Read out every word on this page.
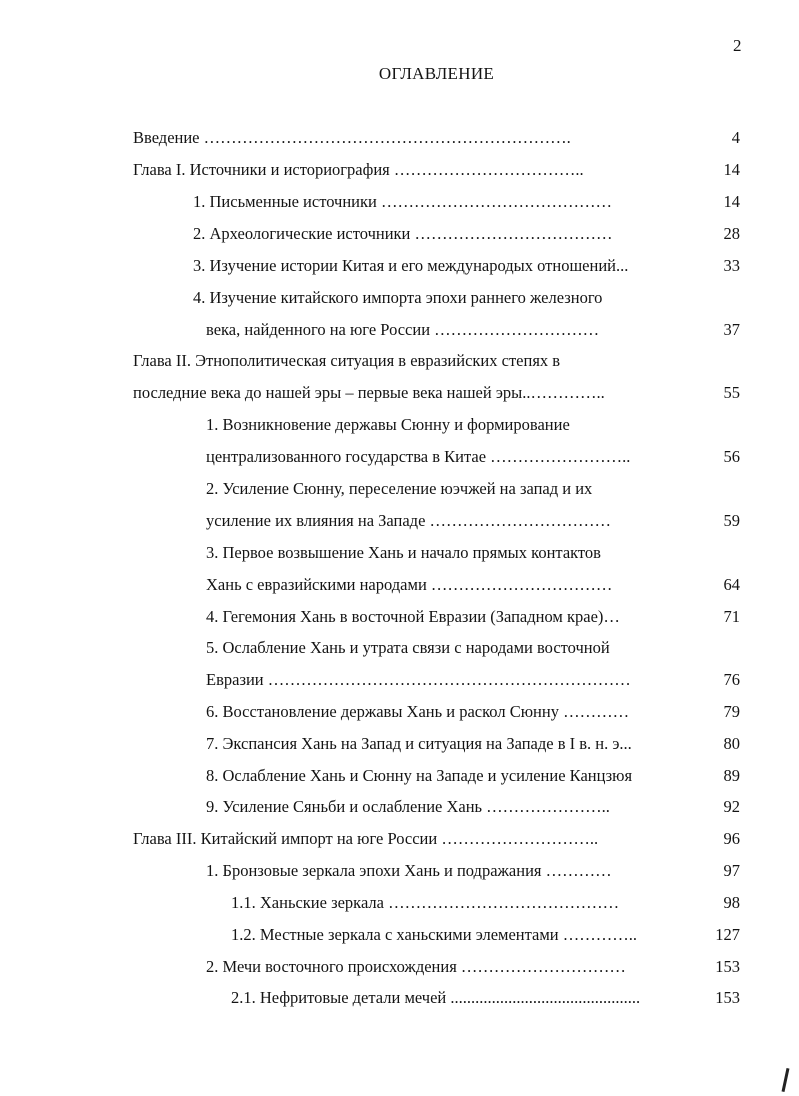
2
ОГЛАВЛЕНИЕ
Введение ………………………………………………………….	4
Глава I. Источники и историография ……………………………..	14
1. Письменные источники ……………………………………	14
2. Археологические источники ………………………………	28
3. Изучение истории Китая и его международых отношений...	33
4. Изучение китайского импорта эпохи раннего железного
века, найденного на юге России …………………………	37
Глава II. Этнополитическая ситуация в евразийских степях в
последние века до нашей эры – первые века нашей эры..…………..	55
1. Возникновение державы Сюнну и формирование
централизованного государства в Китае ……………………..	56
2. Усиление Сюнну, переселение юэчжей на запад и их
усиление их влияния на Западе ……………………………	59
3. Первое возвышение Хань и начало прямых контактов
Хань с евразийскими народами ……………………………	64
4. Гегемония Хань в восточной Евразии (Западном крае)…	71
5. Ослабление Хань и утрата связи с народами восточной
Евразии …………………………………………………………	76
6. Восстановление державы Хань и раскол Сюнну …………	79
7. Экспансия Хань на Запад и ситуация на Западе в I в. н. э...	80
8. Ослабление Хань и Сюнну на Западе и усиление Канцзюя	89
9. Усиление Сяньби и ослабление Хань …………………..	92
Глава III. Китайский импорт на юге России ………………………..	96
1. Бронзовые зеркала эпохи Хань и подражания …………	97
1.1. Ханьские зеркала ……………………………………	98
1.2. Местные зеркала с ханьскими элементами …………..	127
2. Мечи восточного происхождения …………………………	153
2.1. Нефритовые детали мечей ..............................................	153
